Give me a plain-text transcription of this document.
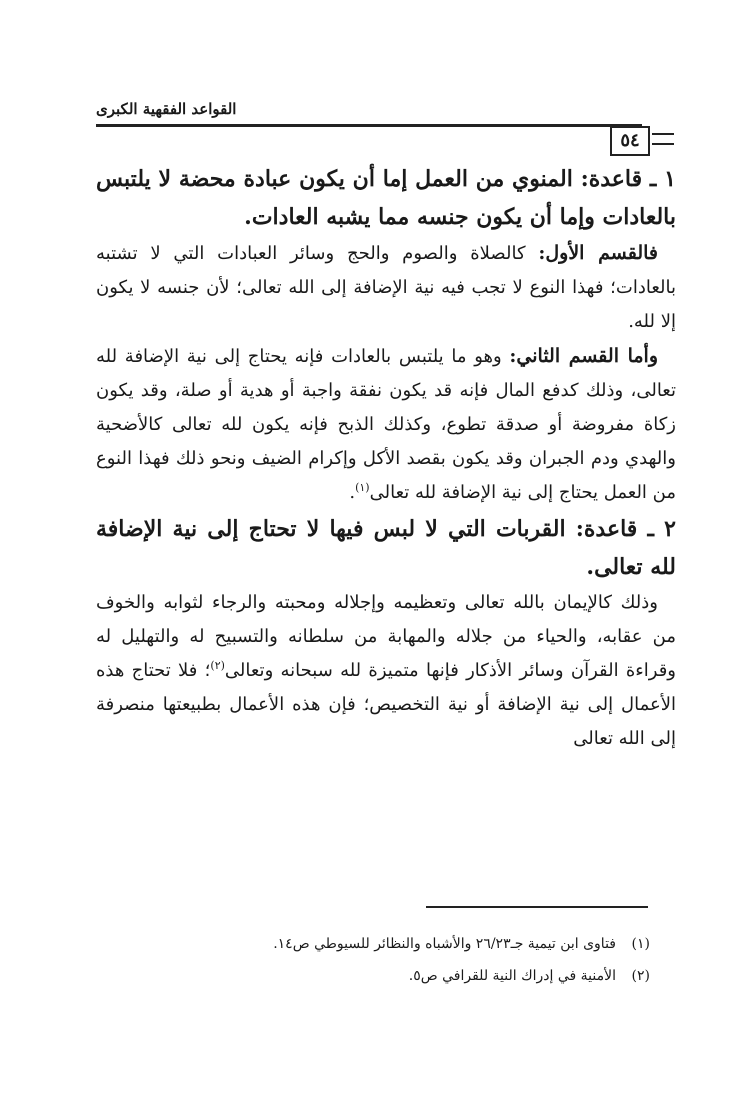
القواعد الفقهية الكبرى
٥٤

١ ـ قاعدة: المنوي من العمل إما أن يكون عبادة محضة لا يلتبس بالعادات وإما أن يكون جنسه مما يشبه العادات.

فالقسم الأول: كالصلاة والصوم والحج وسائر العبادات التي لا تشتبه بالعادات؛ فهذا النوع لا تجب فيه نية الإضافة إلى الله تعالى؛ لأن جنسه لا يكون إلا لله.

وأما القسم الثاني: وهو ما يلتبس بالعادات فإنه يحتاج إلى نية الإضافة لله تعالى، وذلك كدفع المال فإنه قد يكون نفقة واجبة أو هدية أو صلة، وقد يكون زكاة مفروضة أو صدقة تطوع، وكذلك الذبح فإنه يكون لله تعالى كالأضحية والهدي ودم الجبران وقد يكون بقصد الأكل وإكرام الضيف ونحو ذلك فهذا النوع من العمل يحتاج إلى نية الإضافة لله تعالى$^{(١)}$.

٢ ـ قاعدة: القربات التي لا لبس فيها لا تحتاج إلى نية الإضافة لله تعالى.

وذلك كالإيمان بالله تعالى وتعظيمه وإجلاله ومحبته والرجاء لثوابه والخوف من عقابه، والحياء من جلاله والمهابة من سلطانه والتسبيح له والتهليل له وقراءة القرآن وسائر الأذكار فإنها متميزة لله سبحانه وتعالى$^{(٢)}$؛ فلا تحتاج هذه الأعمال إلى نية الإضافة أو نية التخصيص؛ فإن هذه الأعمال بطبيعتها منصرفة إلى الله تعالى

(١)
فتاوى ابن تيمية جـ٢٦/٢٣ والأشباه والنظائر للسيوطي ص١٤.
(٢)
الأمنية في إدراك النية للقرافي ص٥.
